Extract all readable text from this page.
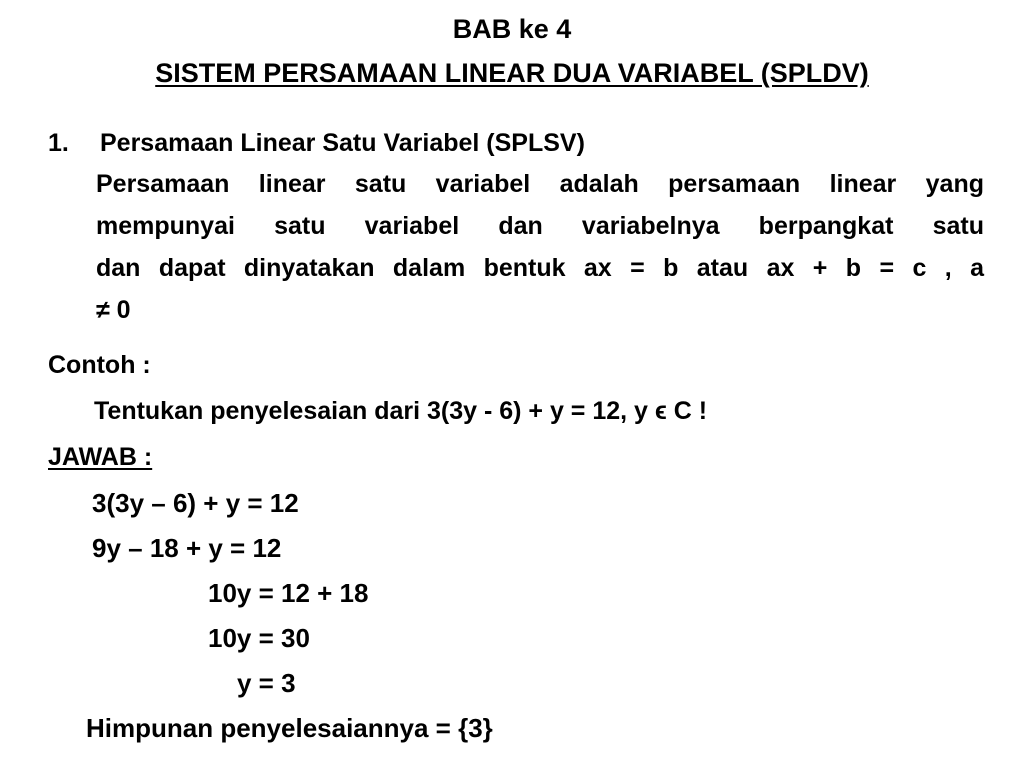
BAB ke 4
SISTEM PERSAMAAN LINEAR DUA VARIABEL (SPLDV)
1. Persamaan Linear Satu Variabel (SPLSV)
Persamaan linear satu variabel adalah persamaan linear yang
mempunyai satu variabel dan variabelnya berpangkat satu
dan dapat dinyatakan dalam bentuk ax = b atau ax + b = c , a
≠ 0
Contoh :
Tentukan penyelesaian dari 3(3y - 6) + y = 12, y ϵ C !
JAWAB :
3(3y – 6) + y = 12
9y – 18 + y = 12
10y = 12 + 18
10y = 30
y = 3
Himpunan penyelesaiannya = {3}
